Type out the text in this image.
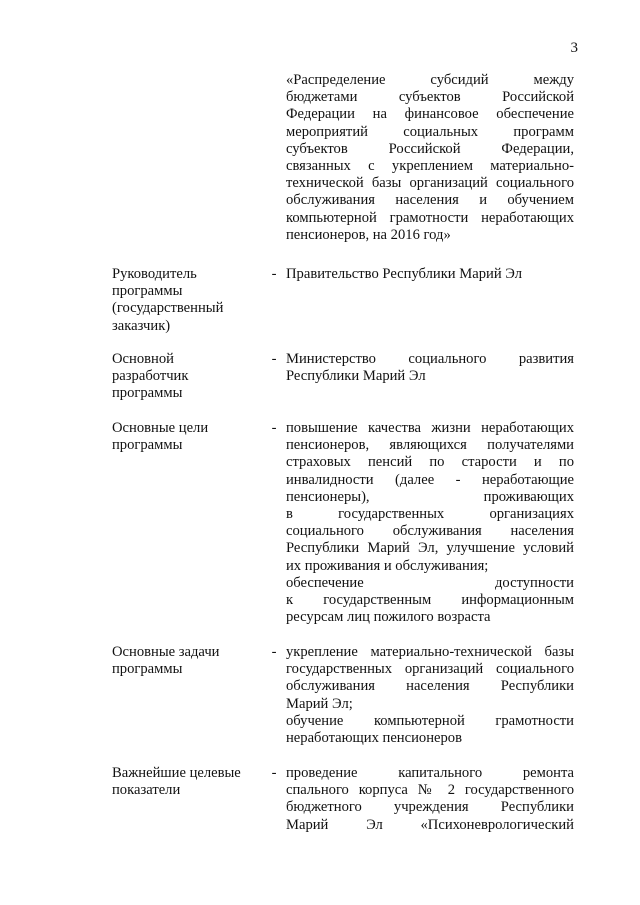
3
«Распределение субсидий между
бюджетами субъектов Российской
Федерации на финансовое обеспечение
мероприятий социальных программ
субъектов Российской Федерации,
связанных с укреплением материально-
технической базы организаций социального
обслуживания населения и обучением
компьютерной грамотности неработающих
пенсионеров, на 2016 год»
Руководитель
программы
(государственный
заказчик)
- Правительство Республики Марий Эл
Основной
разработчик
программы
- Министерство социального развития
Республики Марий Эл
Основные цели
программы
- повышение качества жизни неработающих
пенсионеров, являющихся получателями
страховых пенсий по старости и по
инвалидности (далее - неработающие
пенсионеры), проживающих
в государственных организациях
социального обслуживания населения
Республики Марий Эл, улучшение условий
их проживания и обслуживания;
обеспечение доступности
к государственным информационным
ресурсам лиц пожилого возраста
Основные задачи
программы
- укрепление материально-технической базы
государственных организаций социального
обслуживания населения Республики
Марий Эл;
обучение компьютерной грамотности
неработающих пенсионеров
Важнейшие целевые
показатели
- проведение капитального ремонта
спального корпуса № 2 государственного
бюджетного учреждения Республики
Марий Эл «Психоневрологический
